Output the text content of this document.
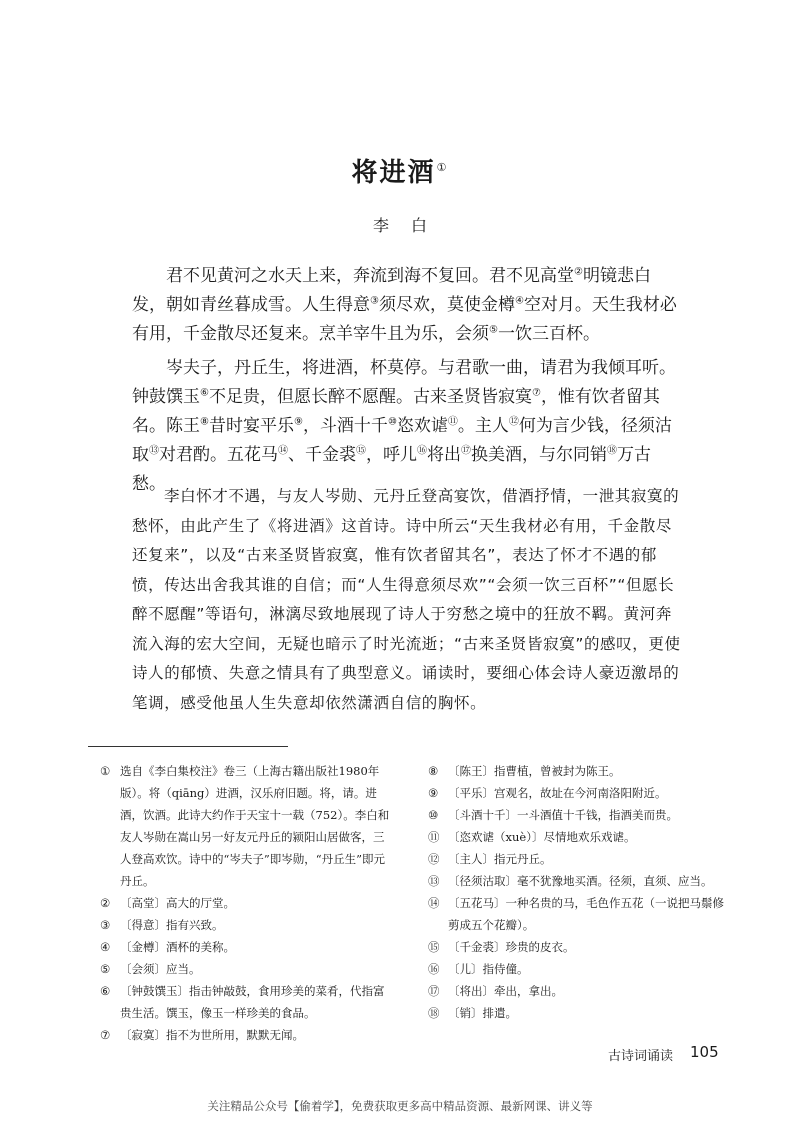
将进酒①
李白

君不见黄河之水天上来，奔流到海不复回。君不见高堂②明镜悲白发，朝如青丝暮成雪。人生得意③须尽欢，莫使金樽④空对月。天生我材必有用，千金散尽还复来。烹羊宰牛且为乐，会须⑤一饮三百杯。

岑夫子，丹丘生，将进酒，杯莫停。与君歌一曲，请君为我倾耳听。钟鼓馔玉⑥不足贵，但愿长醉不愿醒。古来圣贤皆寂寞⑦，惟有饮者留其名。陈王⑧昔时宴平乐⑨，斗酒十千⑩恣欢谑⑪。主人⑫何为言少钱，径须沽取⑬对君酌。五花马⑭、千金裘⑮，呼儿⑯将出⑰换美酒，与尔同销⑱万古愁。

李白怀才不遇，与友人岑勋、元丹丘登高宴饮，借酒抒情，一泄其寂寞的愁怀，由此产生了《将进酒》这首诗。诗中所云“天生我材必有用，千金散尽还复来”，以及“古来圣贤皆寂寞，惟有饮者留其名”，表达了怀才不遇的郁愤，传达出舍我其谁的自信；而“人生得意须尽欢”“会须一饮三百杯”“但愿长醉不愿醒”等语句，淋漓尽致地展现了诗人于穷愁之境中的狂放不羁。黄河奔流入海的宏大空间，无疑也暗示了时光流逝；“古来圣贤皆寂寞”的感叹，更使诗人的郁愤、失意之情具有了典型意义。诵读时，要细心体会诗人豪迈激昂的笔调，感受他虽人生失意却依然潇洒自信的胸怀。

① 选自《李白集校注》卷三（上海古籍出版社1980年版）。将（qiāng）进酒，汉乐府旧题。将，请。进酒，饮酒。此诗大约作于天宝十一载（752）。李白和友人岑勋在嵩山另一好友元丹丘的颍阳山居做客，三人登高欢饮。诗中的“岑夫子”即岑勋，“丹丘生”即元丹丘。
② 〔高堂〕高大的厅堂。
③ 〔得意〕指有兴致。
④ 〔金樽〕酒杯的美称。
⑤ 〔会须〕应当。
⑥ 〔钟鼓馔玉〕指击钟敲鼓，食用珍美的菜肴，代指富贵生活。馔玉，像玉一样珍美的食品。
⑦ 〔寂寞〕指不为世所用，默默无闻。
⑧ 〔陈王〕指曹植，曾被封为陈王。
⑨ 〔平乐〕宫观名，故址在今河南洛阳附近。
⑩ 〔斗酒十千〕一斗酒值十千钱，指酒美而贵。
⑪ 〔恣欢谑（xuè）〕尽情地欢乐戏谑。
⑫ 〔主人〕指元丹丘。
⑬ 〔径须沽取〕毫不犹豫地买酒。径须，直须、应当。
⑭ 〔五花马〕一种名贵的马，毛色作五花（一说把马鬃修剪成五个花瓣）。
⑮ 〔千金裘〕珍贵的皮衣。
⑯ 〔儿〕指侍僮。
⑰ 〔将出〕牵出，拿出。
⑱ 〔销〕排遣。
古诗词诵读 105
关注精品公众号【偷着学】，免费获取更多高中精品资源、最新网课、讲义等
